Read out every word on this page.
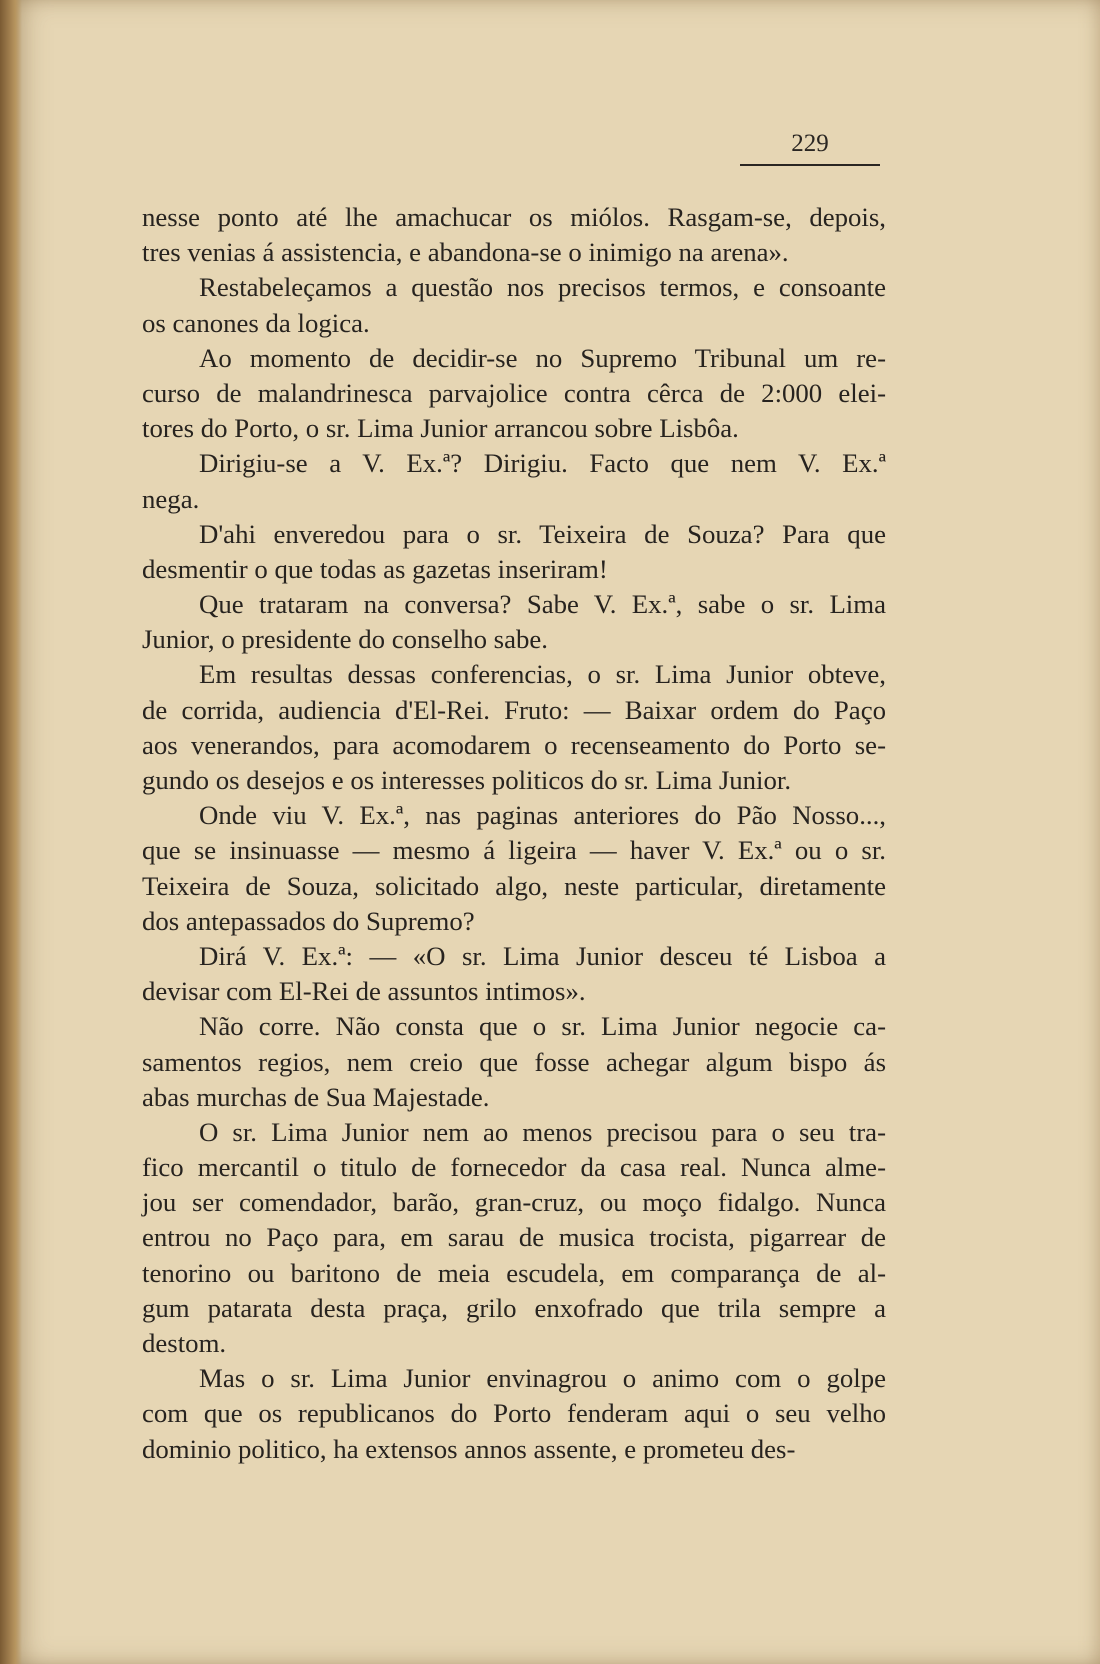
229
nesse ponto até lhe amachucar os miólos. Rasgam-se, depois,
tres venias á assistencia, e abandona-se o inimigo na arena».
Restabeleçamos a questão nos precisos termos, e consoante
os canones da logica.
Ao momento de decidir-se no Supremo Tribunal um re-
curso de malandrinesca parvajolice contra cêrca de 2:000 elei-
tores do Porto, o sr. Lima Junior arrancou sobre Lisbôa.
Dirigiu-se a V. Ex.ª? Dirigiu. Facto que nem V. Ex.ª
nega.
D'ahi enveredou para o sr. Teixeira de Souza? Para que
desmentir o que todas as gazetas inseriram!
Que trataram na conversa? Sabe V. Ex.ª, sabe o sr. Lima
Junior, o presidente do conselho sabe.
Em resultas dessas conferencias, o sr. Lima Junior obteve,
de corrida, audiencia d'El-Rei. Fruto: — Baixar ordem do Paço
aos venerandos, para acomodarem o recenseamento do Porto se-
gundo os desejos e os interesses politicos do sr. Lima Junior.
Onde viu V. Ex.ª, nas paginas anteriores do Pão Nosso...,
que se insinuasse — mesmo á ligeira — haver V. Ex.ª ou o sr.
Teixeira de Souza, solicitado algo, neste particular, diretamente
dos antepassados do Supremo?
Dirá V. Ex.ª: — «O sr. Lima Junior desceu té Lisboa a
devisar com El-Rei de assuntos intimos».
Não corre. Não consta que o sr. Lima Junior negocie ca-
samentos regios, nem creio que fosse achegar algum bispo ás
abas murchas de Sua Majestade.
O sr. Lima Junior nem ao menos precisou para o seu tra-
fico mercantil o titulo de fornecedor da casa real. Nunca alme-
jou ser comendador, barão, gran-cruz, ou moço fidalgo. Nunca
entrou no Paço para, em sarau de musica trocista, pigarrear de
tenorino ou baritono de meia escudela, em comparança de al-
gum patarata desta praça, grilo enxofrado que trila sempre a
destom.
Mas o sr. Lima Junior envinagrou o animo com o golpe
com que os republicanos do Porto fenderam aqui o seu velho
dominio politico, ha extensos annos assente, e prometeu des-
